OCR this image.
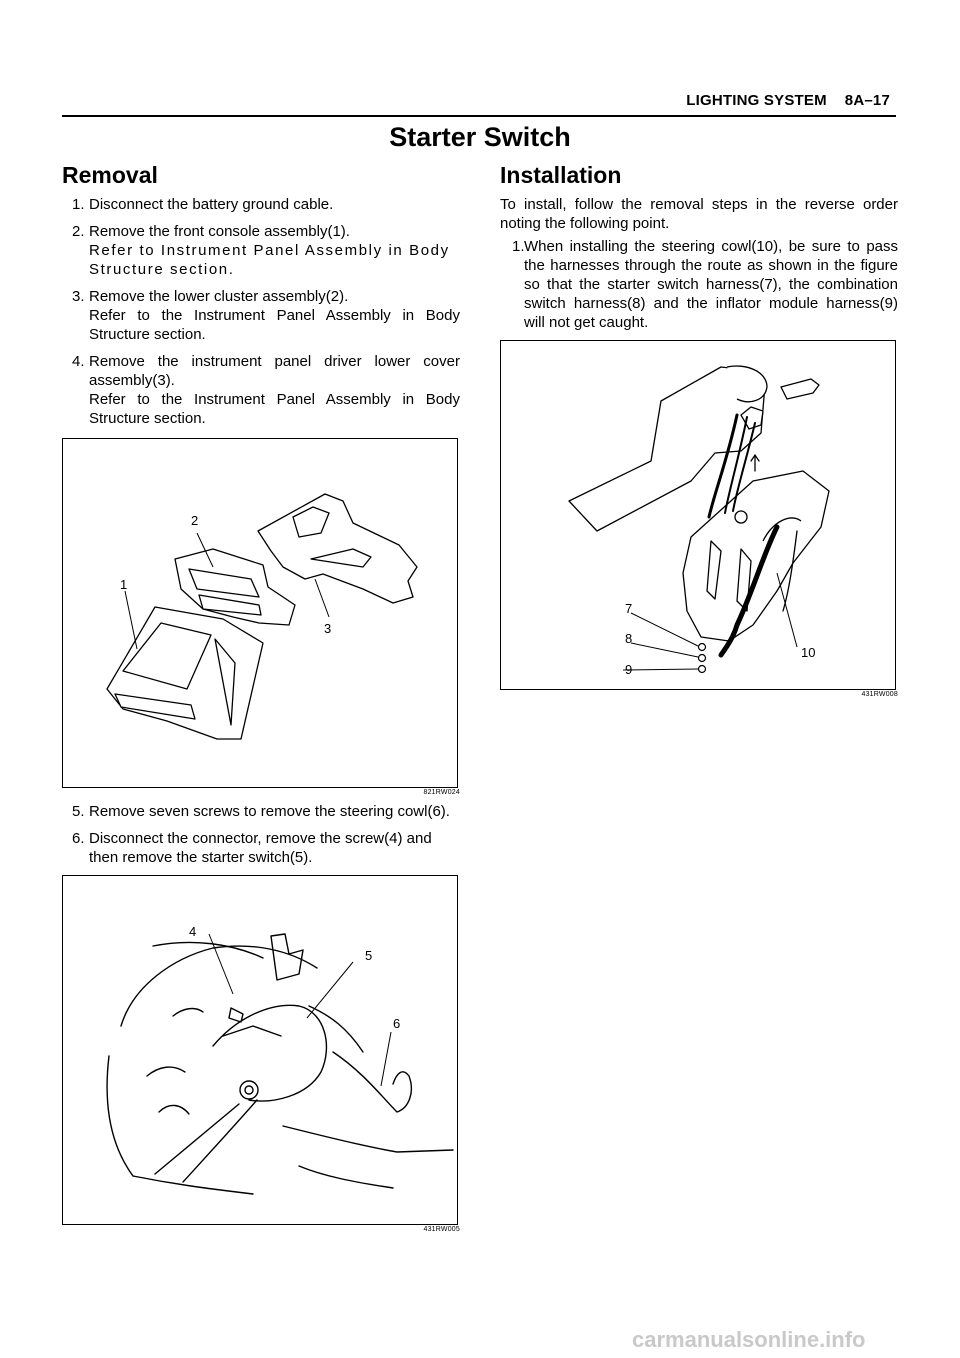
LIGHTING SYSTEM 8A–17
Starter Switch
Removal
1. Disconnect the battery ground cable.
2. Remove the front console assembly(1).
Refer to Instrument Panel Assembly in Body Structure section.
3. Remove the lower cluster assembly(2).
Refer to the Instrument Panel Assembly in Body Structure section.
4. Remove the instrument panel driver lower cover assembly(3).
Refer to the Instrument Panel Assembly in Body Structure section.
1
2
3
821RW024
5. Remove seven screws to remove the steering cowl(6).
6. Disconnect the connector, remove the screw(4) and then remove the starter switch(5).
4
5
6
431RW005
Installation

To install, follow the removal steps in the reverse order noting the following point.

1. When installing the steering cowl(10), be sure to pass the harnesses through the route as shown in the figure so that the starter switch harness(7), the combination switch harness(8) and the inflator module harness(9) will not get caught.
7
8
9
10
431RW008
carmanualsonline.info
